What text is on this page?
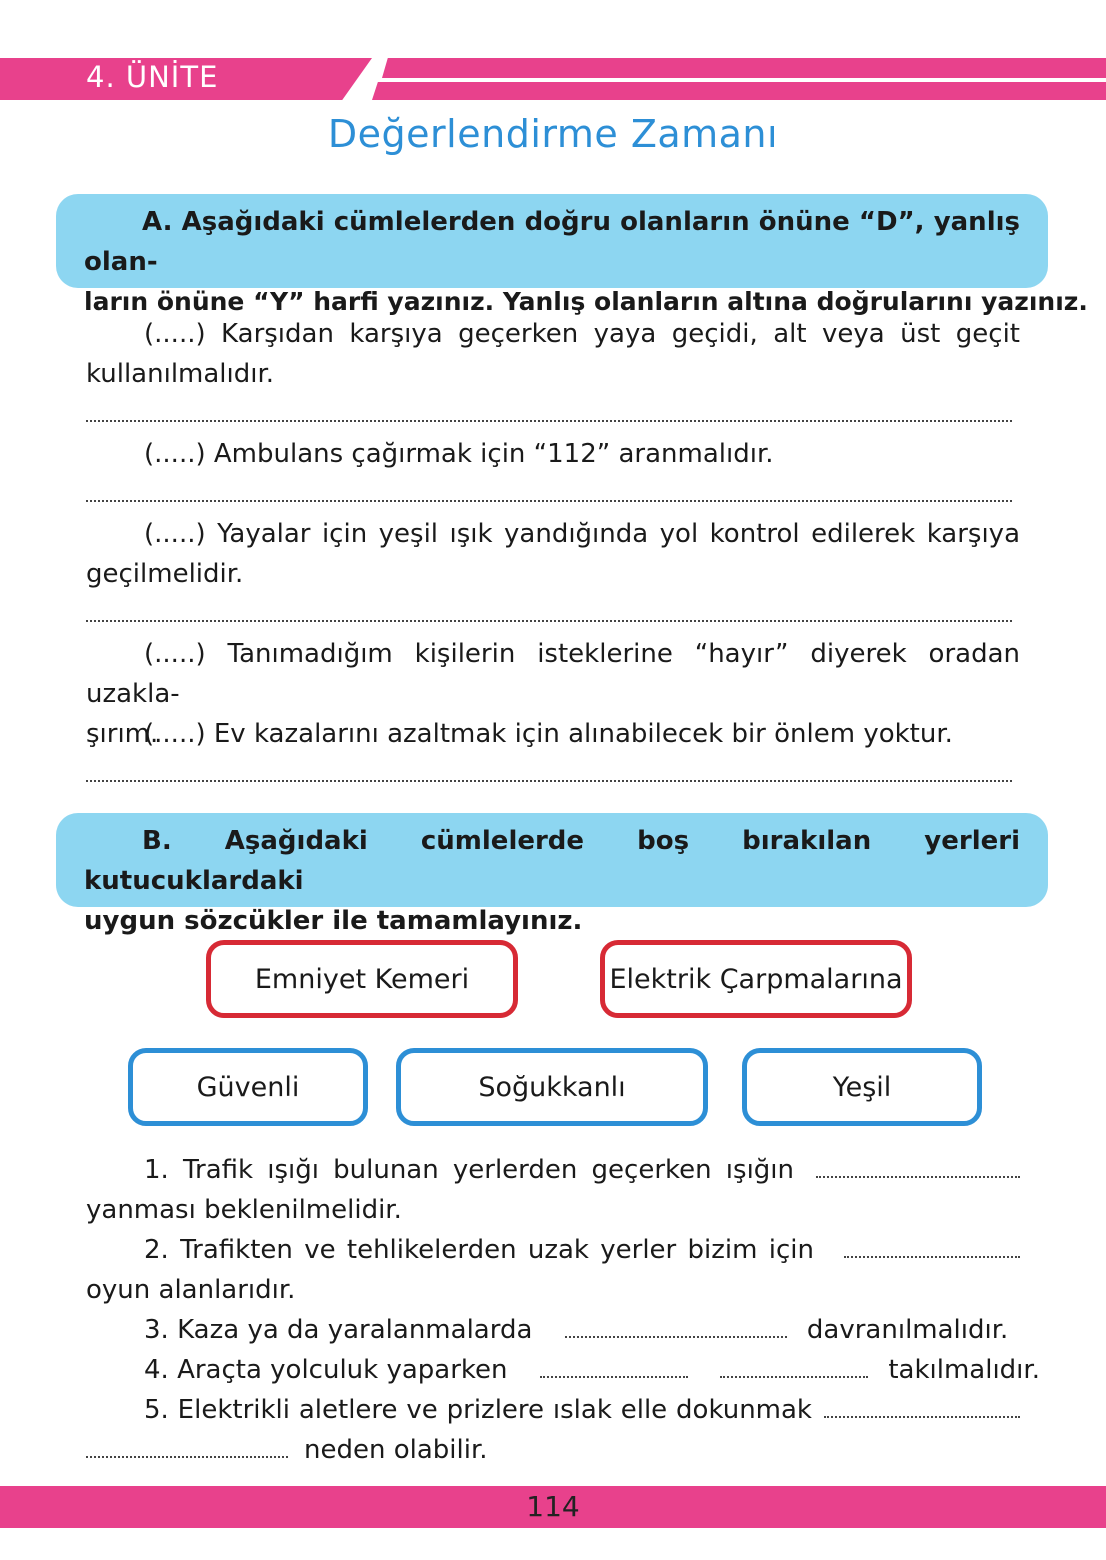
4. ÜNİTE
Değerlendirme Zamanı
A. Aşağıdaki cümlelerden doğru olanların önüne “D”, yanlış olan-
ların önüne “Y” harfi yazınız. Yanlış olanların altına doğrularını yazınız.
(.....) Karşıdan karşıya geçerken yaya geçidi, alt veya üst geçit
kullanılmalıdır.
(.....) Ambulans çağırmak için “112” aranmalıdır.
(.....) Yayalar için yeşil ışık yandığında yol kontrol edilerek karşıya
geçilmelidir.
(.....) Tanımadığım kişilerin isteklerine “hayır” diyerek oradan uzakla-
şırım.
(.....) Ev kazalarını azaltmak için alınabilecek bir önlem yoktur.
B. Aşağıdaki cümlelerde boş bırakılan yerleri kutucuklardaki
uygun sözcükler ile tamamlayınız.
Emniyet Kemeri	Elektrik Çarpmalarına
Güvenli	Soğukkanlı	Yeşil
1. Trafik ışığı bulunan yerlerden geçerken ışığın
yanması beklenilmelidir.
2. Trafikten ve tehlikelerden uzak yerler bizim için
oyun alanlarıdır.
3. Kaza ya da yaralanmalarda	davranılmalıdır.
4. Araçta yolculuk yaparken	takılmalıdır.
5. Elektrikli aletlere ve prizlere ıslak elle dokunmak
neden olabilir.
114
